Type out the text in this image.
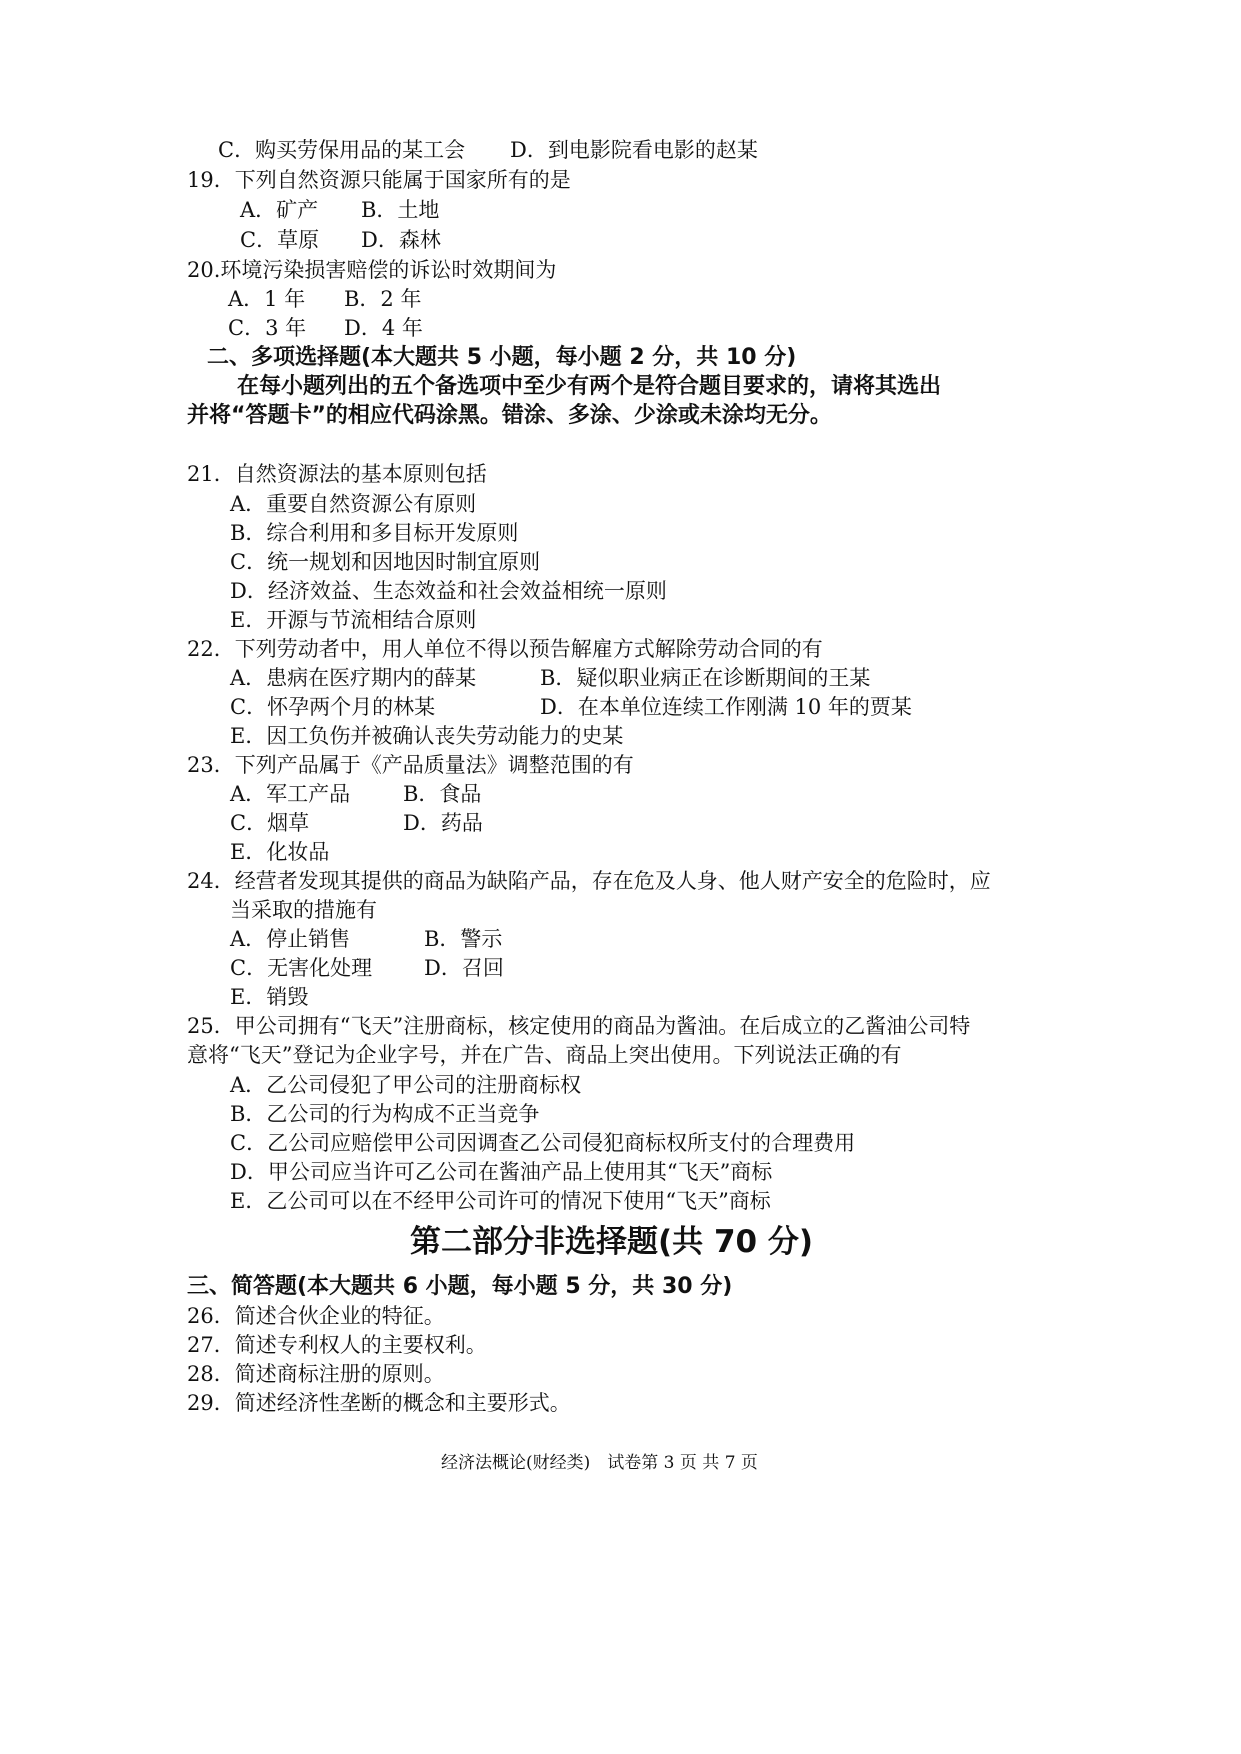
C．购买劳保用品的某工会 D．到电影院看电影的赵某
19．下列自然资源只能属于国家所有的是
A．矿产 B．土地
C．草原 D．森林
20.环境污染损害赔偿的诉讼时效期间为
A．1 年 B．2 年
C．3 年 D．4 年
二、多项选择题(本大题共 5 小题，每小题 2 分，共 10 分)
在每小题列出的五个备选项中至少有两个是符合题目要求的，请将其选出
并将“答题卡”的相应代码涂黑。错涂、多涂、少涂或未涂均无分。
21．自然资源法的基本原则包括
A．重要自然资源公有原则
B．综合利用和多目标开发原则
C．统一规划和因地因时制宜原则
D．经济效益、生态效益和社会效益相统一原则
E．开源与节流相结合原则
22．下列劳动者中，用人单位不得以预告解雇方式解除劳动合同的有
A．患病在医疗期内的薛某	B．疑似职业病正在诊断期间的王某
C．怀孕两个月的林某	D．在本单位连续工作刚满 10 年的贾某
E．因工负伤并被确认丧失劳动能力的史某
23．下列产品属于《产品质量法》调整范围的有
A．军工产品	B．食品
C．烟草	D．药品
E．化妆品
24．经营者发现其提供的商品为缺陷产品，存在危及人身、他人财产安全的危险时，应
当采取的措施有
A．停止销售	B．警示
C．无害化处理 D．召回
E．销毁
25．甲公司拥有“飞天”注册商标，核定使用的商品为酱油。在后成立的乙酱油公司特
意将“飞天”登记为企业字号，并在广告、商品上突出使用。下列说法正确的有
A．乙公司侵犯了甲公司的注册商标权
B．乙公司的行为构成不正当竞争
C．乙公司应赔偿甲公司因调查乙公司侵犯商标权所支付的合理费用
D．甲公司应当许可乙公司在酱油产品上使用其“飞天”商标
E．乙公司可以在不经甲公司许可的情况下使用“飞天”商标
第二部分非选择题(共 70 分)
三、简答题(本大题共 6 小题，每小题 5 分，共 30 分)
26．简述合伙企业的特征。
27．简述专利权人的主要权利。
28．简述商标注册的原则。
29．简述经济性垄断的概念和主要形式。
经济法概论(财经类)　试卷第 3 页 共 7 页
